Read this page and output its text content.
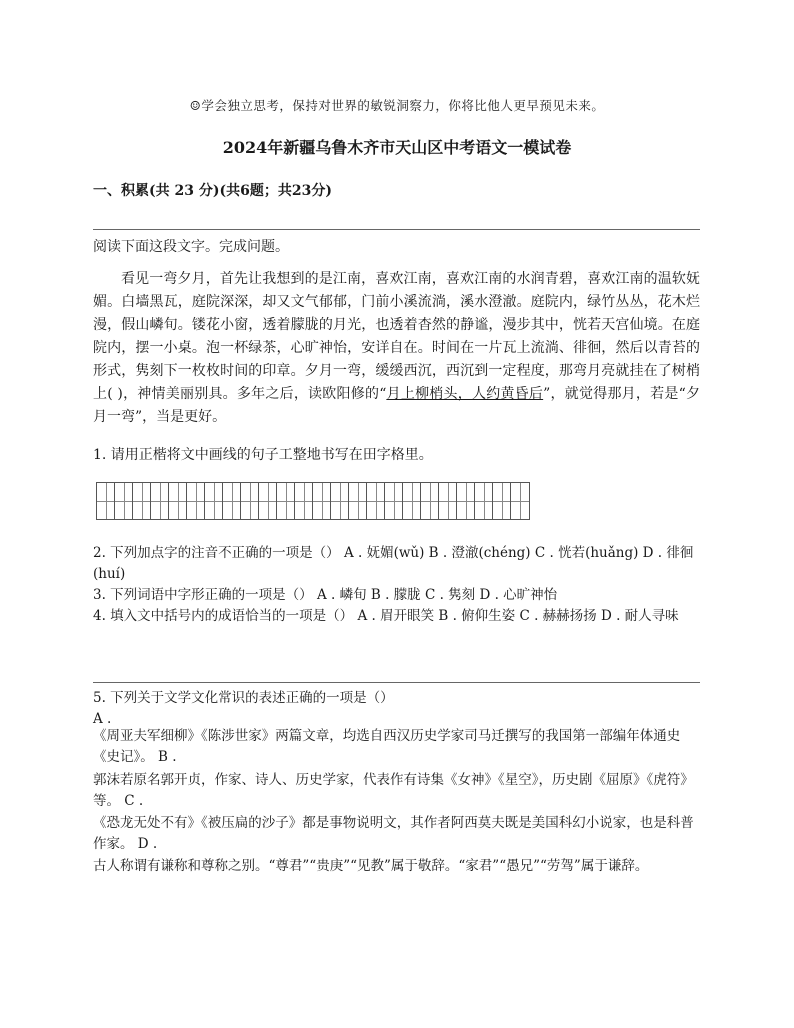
☺学会独立思考，保持对世界的敏锐洞察力，你将比他人更早预见未来。
2024年新疆乌鲁木齐市天山区中考语文一模试卷
一、积累(共 23 分)(共6题；共23分)
阅读下面这段文字。完成问题。
看见一弯夕月，首先让我想到的是江南，喜欢江南，喜欢江南的水润青碧，喜欢江南的温软妩媚。白墙黑瓦，庭院深深，却又文气郁郁，门前小溪流淌，溪水澄澈。庭院内，绿竹丛丛，花木烂漫，假山嶙旬。镂花小窗，透着朦胧的月光，也透着杳然的静谧，漫步其中，恍若天宫仙境。在庭院内，摆一小桌。泡一杯绿茶，心旷神怡，安详自在。时间在一片瓦上流淌、徘徊，然后以青苔的形式，隽刻下一枚枚时间的印章。夕月一弯，缓缓西沉，西沉到一定程度，那弯月亮就挂在了树梢上( )，神情美丽别具。多年之后，读欧阳修的“月上柳梢头，人约黄昏后”，就觉得那月，若是“夕月一弯”，当是更好。
1. 请用正楷将文中画线的句子工整地书写在田字格里。
2. 下列加点字的注音不正确的一项是（） A . 妩媚(wǔ) B . 澄澈(chéng) C . 恍若(huǎng) D . 徘徊(huí)
3. 下列词语中字形正确的一项是（） A . 嶙旬 B . 朦胧 C . 隽刻 D . 心旷神怡
4. 填入文中括号内的成语恰当的一项是（） A . 眉开眼笑 B . 俯仰生姿 C . 赫赫扬扬 D . 耐人寻味
5. 下列关于文学文化常识的表述正确的一项是（）
A .
《周亚夫军细柳》《陈涉世家》两篇文章，均选自西汉历史学家司马迁撰写的我国第一部编年体通史《史记》。 B .
郭沫若原名郭开贞，作家、诗人、历史学家，代表作有诗集《女神》《星空》，历史剧《屈原》《虎符》等。 C .
《恐龙无处不有》《被压扁的沙子》都是事物说明文，其作者阿西莫夫既是美国科幻小说家，也是科普作家。 D .
古人称谓有谦称和尊称之别。“尊君”“贵庚”“见教”属于敬辞。“家君”“愚兄”“劳驾”属于谦辞。
